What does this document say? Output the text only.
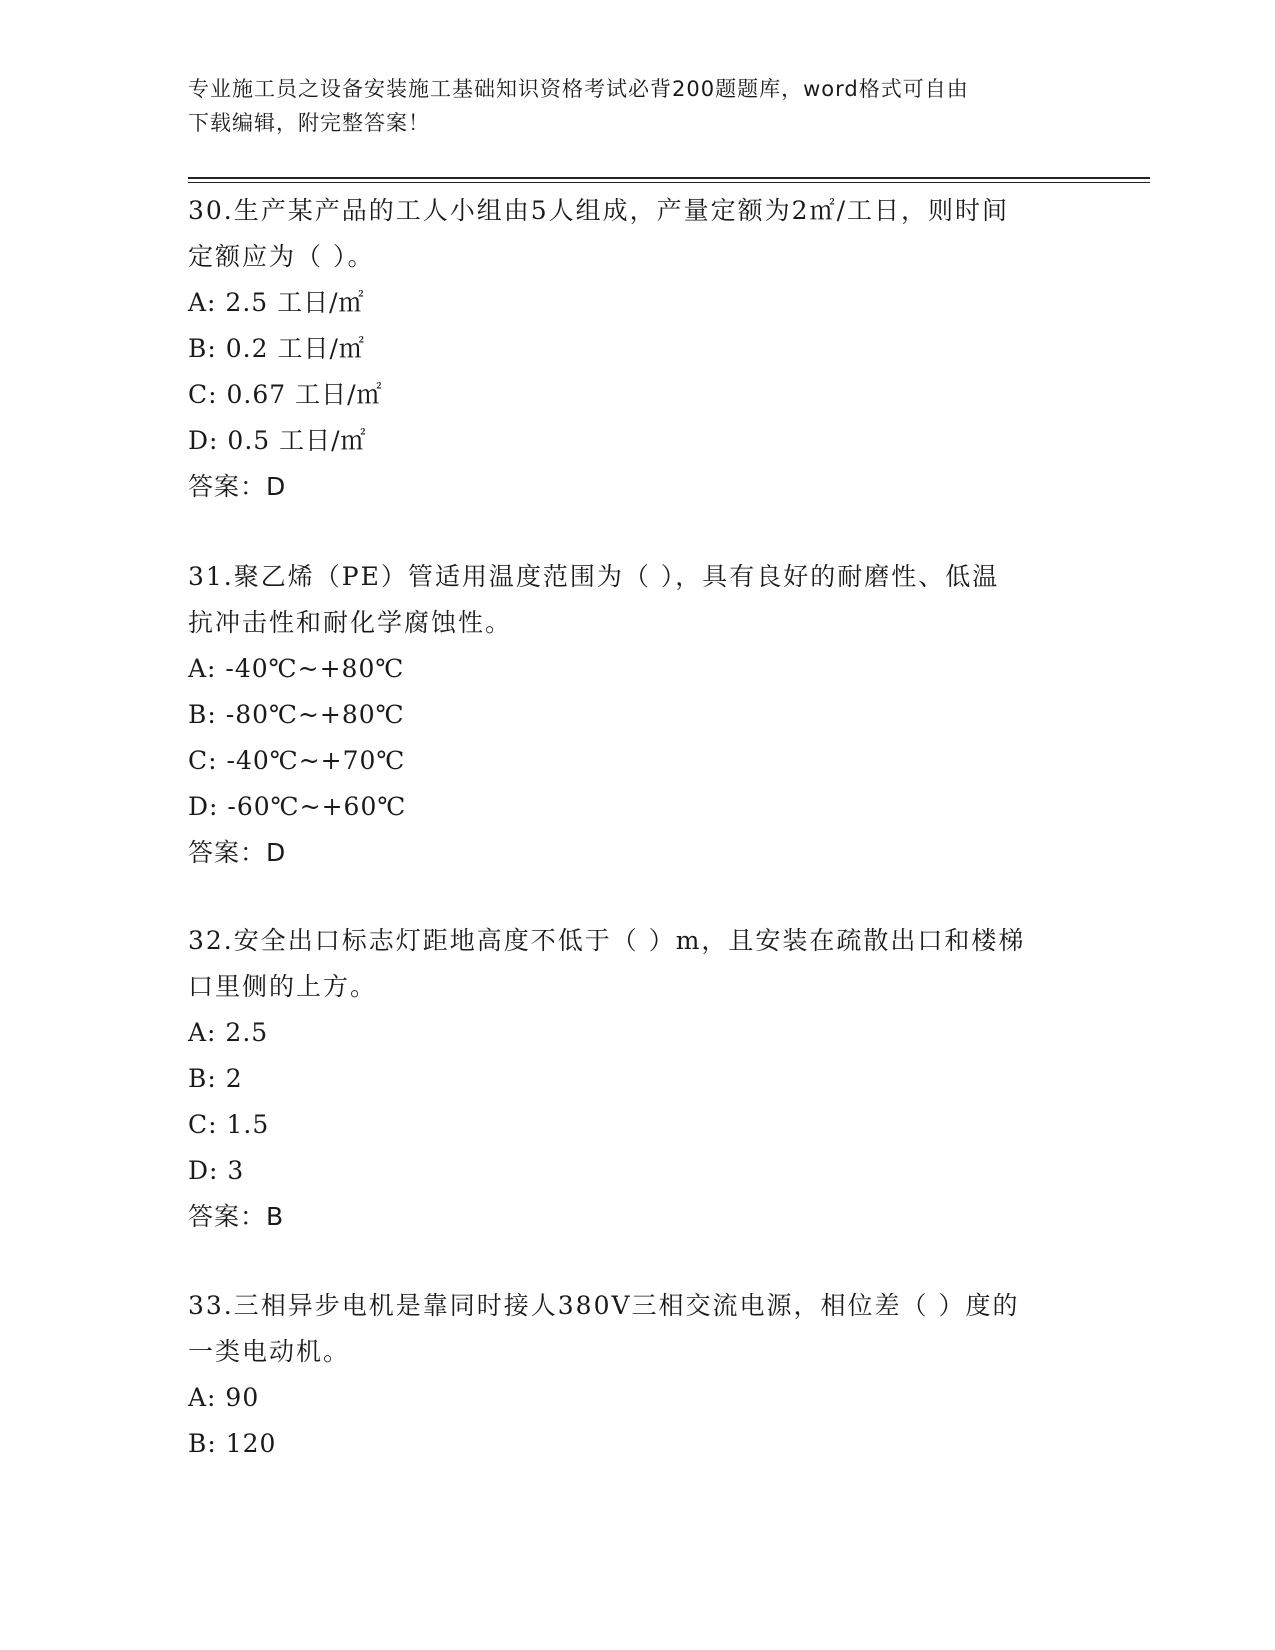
专业施工员之设备安装施工基础知识资格考试必背200题题库，word格式可自由
下载编辑，附完整答案！

30.生产某产品的工人小组由5人组成，产量定额为2㎡/工日，则时间

定额应为（ ）。

A: 2.5 工日/㎡

B: 0.2 工日/㎡

C: 0.67 工日/㎡

D: 0.5 工日/㎡

答案：D

31.聚乙烯（PE）管适用温度范围为（ ），具有良好的耐磨性、低温

抗冲击性和耐化学腐蚀性。

A: -40℃~+80℃

B: -80℃~+80℃

C: -40℃~+70℃

D: -60℃~+60℃

答案：D

32.安全出口标志灯距地高度不低于（ ）m，且安装在疏散出口和楼梯

口里侧的上方。

A: 2.5

B: 2

C: 1.5

D: 3

答案：B

33.三相异步电机是靠同时接人380V三相交流电源，相位差（ ）度的

一类电动机。

A: 90

B: 120
